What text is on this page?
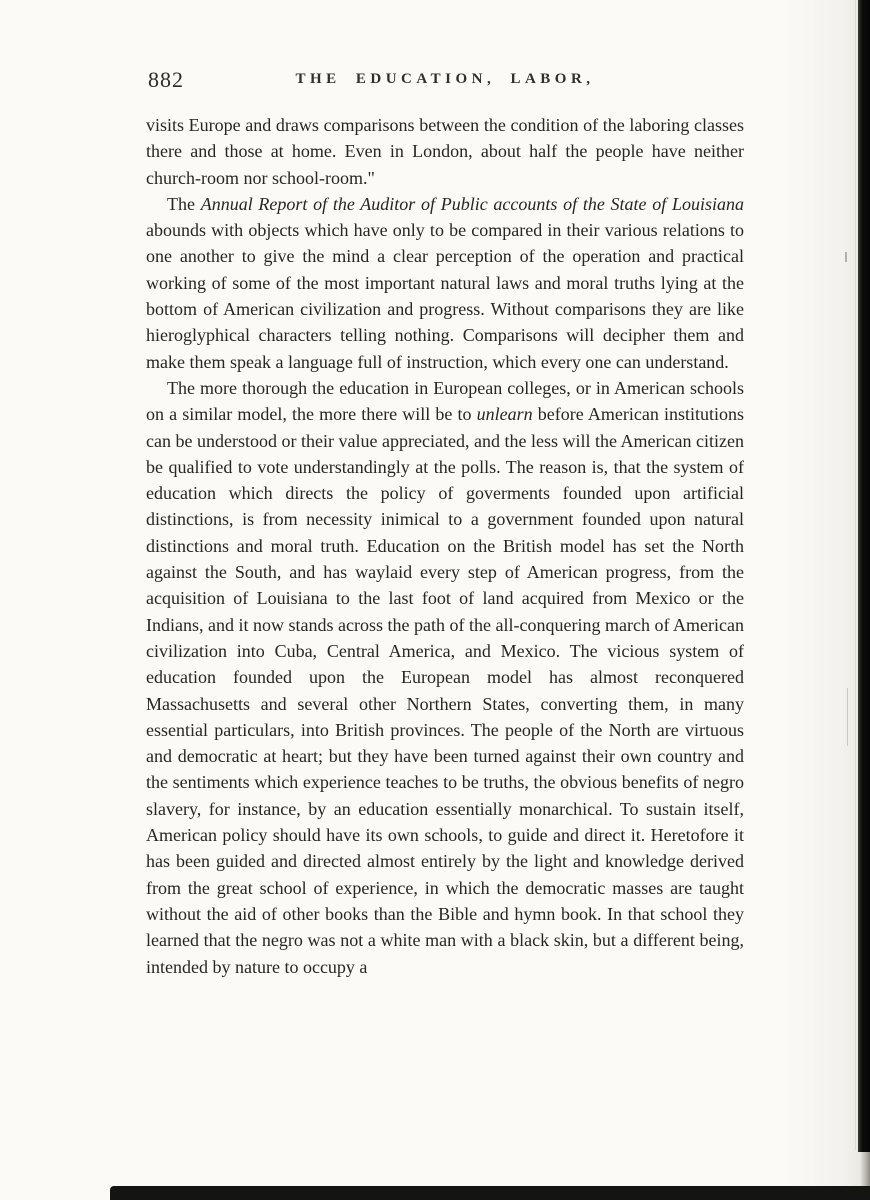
882	THE EDUCATION, LABOR,

visits Europe and draws comparisons between the condition of the laboring classes there and those at home. Even in London, about half the people have neither church-room nor school-room."

The Annual Report of the Auditor of Public accounts of the State of Louisiana abounds with objects which have only to be compared in their various relations to one another to give the mind a clear perception of the operation and practical working of some of the most important natural laws and moral truths lying at the bottom of American civilization and progress. Without comparisons they are like hieroglyphical characters telling nothing. Comparisons will decipher them and make them speak a language full of instruction, which every one can understand.

The more thorough the education in European colleges, or in American schools on a similar model, the more there will be to unlearn before American institutions can be understood or their value appreciated, and the less will the American citizen be qualified to vote understandingly at the polls. The reason is, that the system of education which directs the policy of goverments founded upon artificial distinctions, is from necessity inimical to a government founded upon natural distinctions and moral truth. Education on the British model has set the North against the South, and has waylaid every step of American progress, from the acquisition of Louisiana to the last foot of land acquired from Mexico or the Indians, and it now stands across the path of the all-conquering march of American civilization into Cuba, Central America, and Mexico. The vicious system of education founded upon the European model has almost reconquered Massachusetts and several other Northern States, converting them, in many essential particulars, into British provinces. The people of the North are virtuous and democratic at heart; but they have been turned against their own country and the sentiments which experience teaches to be truths, the obvious benefits of negro slavery, for instance, by an education essentially monarchical. To sustain itself, American policy should have its own schools, to guide and direct it. Heretofore it has been guided and directed almost entirely by the light and knowledge derived from the great school of experience, in which the democratic masses are taught without the aid of other books than the Bible and hymn book. In that school they learned that the negro was not a white man with a black skin, but a different being, intended by nature to occupy a
